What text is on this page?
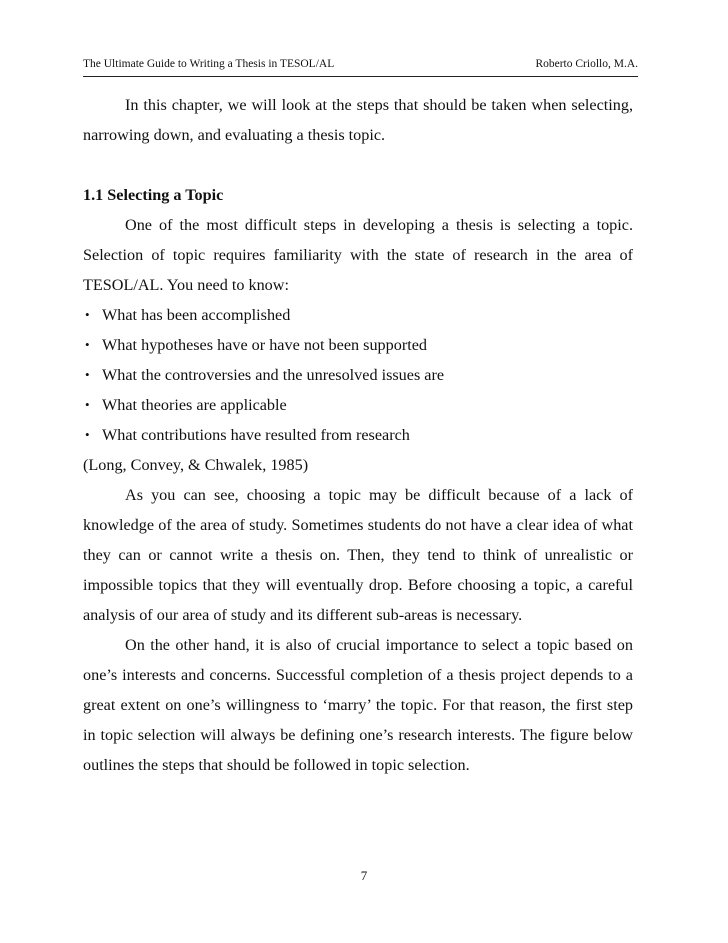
The Ultimate Guide to Writing a Thesis in TESOL/AL	Roberto Criollo, M.A.

In this chapter, we will look at the steps that should be taken when selecting, narrowing down, and evaluating a thesis topic.

1.1 Selecting a Topic

One of the most difficult steps in developing a thesis is selecting a topic. Selection of topic requires familiarity with the state of research in the area of TESOL/AL. You need to know:

• What has been accomplished
• What hypotheses have or have not been supported
• What the controversies and the unresolved issues are
• What theories are applicable
• What contributions have resulted from research

(Long, Convey, & Chwalek, 1985)

As you can see, choosing a topic may be difficult because of a lack of knowledge of the area of study. Sometimes students do not have a clear idea of what they can or cannot write a thesis on. Then, they tend to think of unrealistic or impossible topics that they will eventually drop. Before choosing a topic, a careful analysis of our area of study and its different sub-areas is necessary.

On the other hand, it is also of crucial importance to select a topic based on one’s interests and concerns. Successful completion of a thesis project depends to a great extent on one’s willingness to ‘marry’ the topic. For that reason, the first step in topic selection will always be defining one’s research interests. The figure below outlines the steps that should be followed in topic selection.

7
